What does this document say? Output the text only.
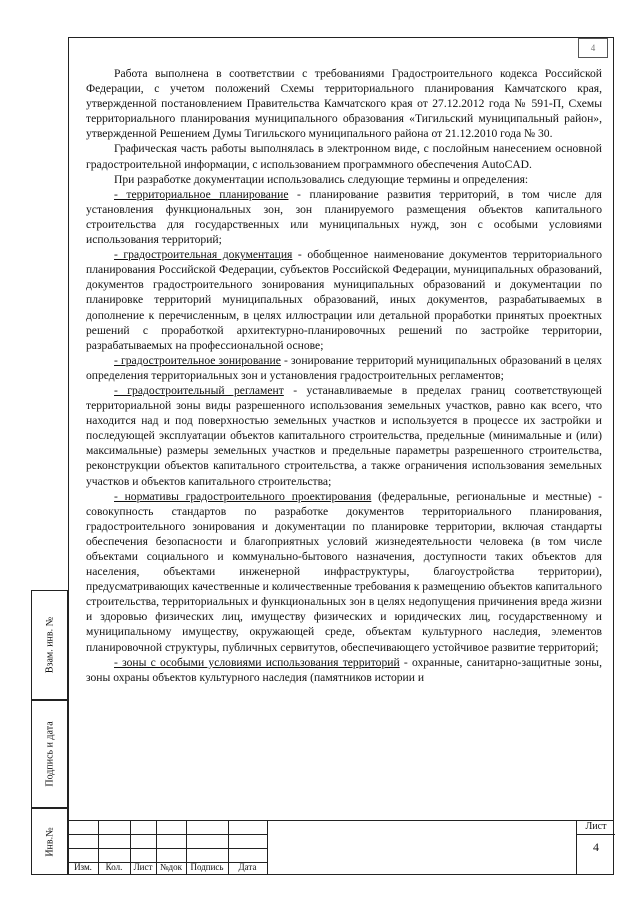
4

Работа выполнена в соответствии с требованиями Градостроительного кодекса Российской Федерации, с учетом положений Схемы территориального планирования Камчатского края, утвержденной постановлением Правительства Камчатского края от 27.12.2012 года № 591-П, Схемы территориального планирования муниципального образования «Тигильский муниципальный район», утвержденной Решением Думы Тигильского муниципального района от 21.12.2010 года № 30.

Графическая часть работы выполнялась в электронном виде, с послойным нанесением основной градостроительной информации, с использованием программного обеспечения AutoCAD.

При разработке документации использовались следующие термины и определения:

- территориальное планирование - планирование развития территорий, в том числе для установления функциональных зон, зон планируемого размещения объектов капитального строительства для государственных или муниципальных нужд, зон с особыми условиями использования территорий;

- градостроительная документация - обобщенное наименование документов территориального планирования Российской Федерации, субъектов Российской Федерации, муниципальных образований, документов градостроительного зонирования муниципальных образований и документации по планировке территорий муниципальных образований, иных документов, разрабатываемых в дополнение к перечисленным, в целях иллюстрации или детальной проработки принятых проектных решений с проработкой архитектурно-планировочных решений по застройке территории, разрабатываемых на профессиональной основе;

- градостроительное зонирование - зонирование территорий муниципальных образований в целях определения территориальных зон и установления градостроительных регламентов;

- градостроительный регламент - устанавливаемые в пределах границ соответствующей территориальной зоны виды разрешенного использования земельных участков, равно как всего, что находится над и под поверхностью земельных участков и используется в процессе их застройки и последующей эксплуатации объектов капитального строительства, предельные (минимальные и (или) максимальные) размеры земельных участков и предельные параметры разрешенного строительства, реконструкции объектов капитального строительства, а также ограничения использования земельных участков и объектов капитального строительства;

- нормативы градостроительного проектирования (федеральные, региональные и местные) - совокупность стандартов по разработке документов территориального планирования, градостроительного зонирования и документации по планировке территории, включая стандарты обеспечения безопасности и благоприятных условий жизнедеятельности человека (в том числе объектами социального и коммунально-бытового назначения, доступности таких объектов для населения, объектами инженерной инфраструктуры, благоустройства территории), предусматривающих качественные и количественные требования к размещению объектов капитального строительства, территориальных и функциональных зон в целях недопущения причинения вреда жизни и здоровью физических лиц, имуществу физических и юридических лиц, государственному и муниципальному имуществу, окружающей среде, объектам культурного наследия, элементов планировочной структуры, публичных сервитутов, обеспечивающего устойчивое развитие территорий;

- зоны с особыми условиями использования территорий - охранные, санитарно-защитные зоны, зоны охраны объектов культурного наследия (памятников истории и

Взам. инв. №
Подпись и дата
Инв.№
Изм.	Кол.	Лист №док Подпись	Дата
Лист
4
